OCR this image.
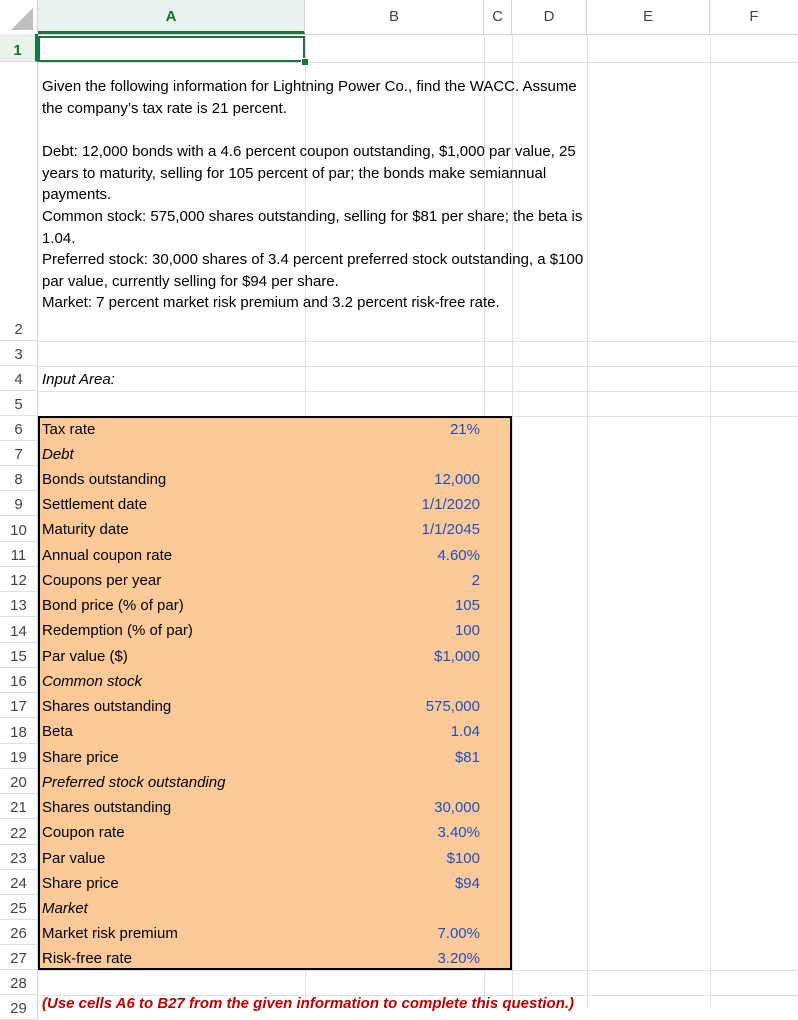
A	B	C	D	E	F
1
2
3
4
5
6
7
8
9
10
11
12
13
14
15
16
17
18
19
20
21
22
23
24
25
26
27
28
29

Given the following information for Lightning Power Co., find the WACC. Assume the company’s tax rate is 21 percent.

Debt: 12,000 bonds with a 4.6 percent coupon outstanding, $1,000 par value, 25 years to maturity, selling for 105 percent of par; the bonds make semiannual payments.

Common stock: 575,000 shares outstanding, selling for $81 per share; the beta is 1.04.

Preferred stock: 30,000 shares of 3.4 percent preferred stock outstanding, a $100 par value, currently selling for $94 per share.

Market: 7 percent market risk premium and 3.2 percent risk-free rate.

Input Area:
Tax rate	21%
Debt
Bonds outstanding	12,000
Settlement date	1/1/2020
Maturity date	1/1/2045
Annual coupon rate	4.60%
Coupons per year	2
Bond price (% of par)	105
Redemption (% of par)	100
Par value ($)	$1,000
Common stock
Shares outstanding	575,000
Beta	1.04
Share price	$81
Preferred stock outstanding
Shares outstanding	30,000
Coupon rate	3.40%
Par value	$100
Share price	$94
Market
Market risk premium	7.00%
Risk-free rate	3.20%
(Use cells A6 to B27 from the given information to complete this question.)
